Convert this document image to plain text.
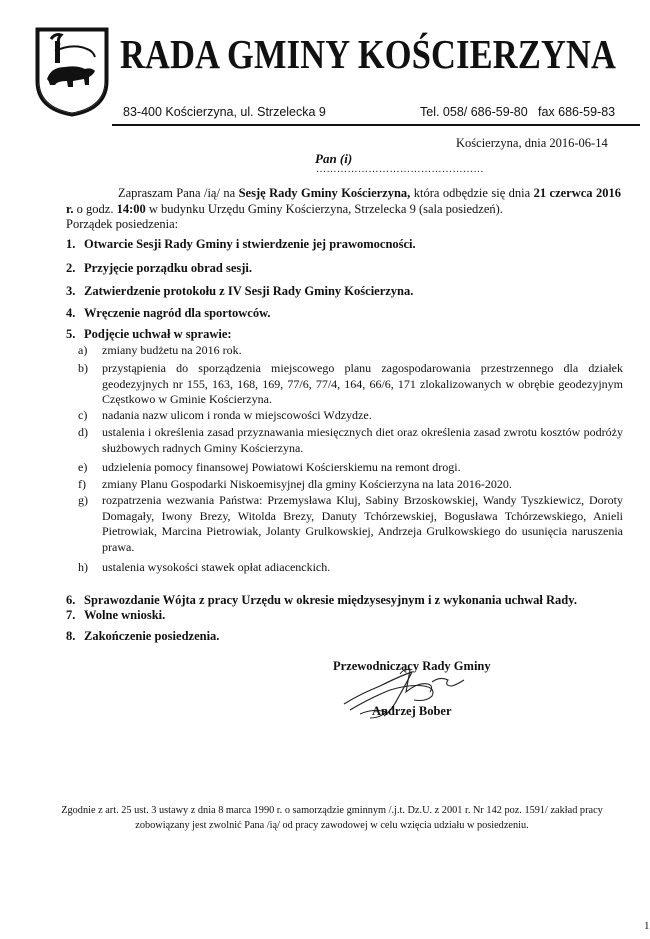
RADA GMINY KOŚCIERZYNA
83-400 Kościerzyna, ul. Strzelecka 9	Tel. 058/ 686-59-80 fax 686-59-83
Kościerzyna, dnia 2016-06-14
Pan (i)
…………………………………………
Zapraszam Pana /ią/ na Sesję Rady Gminy Kościerzyna, która odbędzie się dnia 21 czerwca 2016 r. o godz. 14:00 w budynku Urzędu Gminy Kościerzyna, Strzelecka 9 (sala posiedzeń).
Porządek posiedzenia:
1. Otwarcie Sesji Rady Gminy i stwierdzenie jej prawomocności.
2. Przyjęcie porządku obrad sesji.
3. Zatwierdzenie protokołu z IV Sesji Rady Gminy Kościerzyna.
4. Wręczenie nagród dla sportowców.
5. Podjęcie uchwał w sprawie:
a) zmiany budżetu na 2016 rok.
b) przystąpienia do sporządzenia miejscowego planu zagospodarowania przestrzennego dla działek geodezyjnych nr 155, 163, 168, 169, 77/6, 77/4, 164, 66/6, 171 zlokalizowanych w obrębie geodezyjnym Częstkowo w Gminie Kościerzyna.
c) nadania nazw ulicom i ronda w miejscowości Wdzydze.
d) ustalenia i określenia zasad przyznawania miesięcznych diet oraz określenia zasad zwrotu kosztów podróży służbowych radnych Gminy Kościerzyna.
e) udzielenia pomocy finansowej Powiatowi Kościerskiemu na remont drogi.
f) zmiany Planu Gospodarki Niskoemisyjnej dla gminy Kościerzyna na lata 2016-2020.
g) rozpatrzenia wezwania Państwa: Przemysława Kluj, Sabiny Brzoskowskiej, Wandy Tyszkiewicz, Doroty Domagały, Iwony Brezy, Witolda Brezy, Danuty Tchórzewskiej, Bogusława Tchórzewskiego, Anieli Pietrowiak, Marcina Pietrowiak, Jolanty Grulkowskiej, Andrzeja Grulkowskiego do usunięcia naruszenia prawa.
h) ustalenia wysokości stawek opłat adiacenckich.
6. Sprawozdanie Wójta z pracy Urzędu w okresie międzysesyjnym i z wykonania uchwał Rady.
7. Wolne wnioski.
8. Zakończenie posiedzenia.
Przewodniczący Rady Gminy
Andrzej Bober
Zgodnie z art. 25 ust. 3 ustawy z dnia 8 marca 1990 r. o samorządzie gminnym /.j.t. Dz.U. z 2001 r. Nr 142 poz. 1591/ zakład pracy zobowiązany jest zwolnić Pana /ią/ od pracy zawodowej w celu wzięcia udziału w posiedzeniu.
1
